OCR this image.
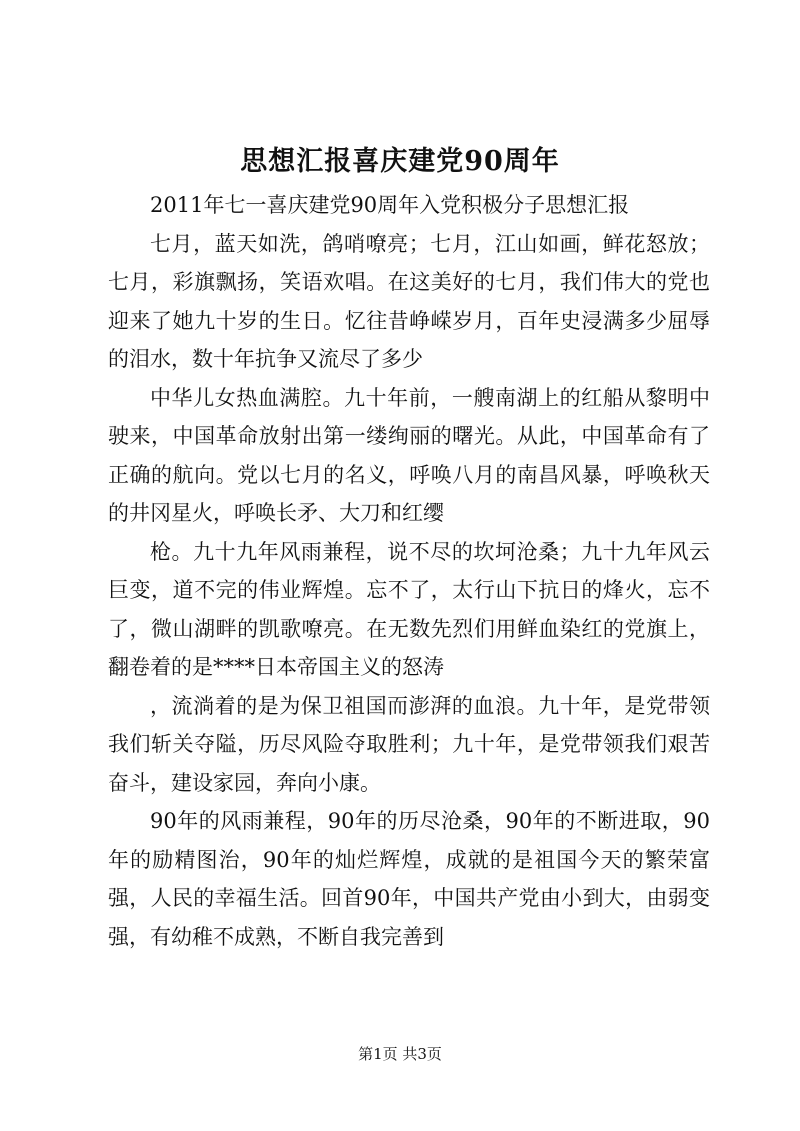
思想汇报喜庆建党90周年

2011年七一喜庆建党90周年入党积极分子思想汇报

七月，蓝天如洗，鸽哨嘹亮；七月，江山如画，鲜花怒放；七月，彩旗飘扬，笑语欢唱。在这美好的七月，我们伟大的党也迎来了她九十岁的生日。忆往昔峥嵘岁月，百年史浸满多少屈辱的泪水，数十年抗争又流尽了多少

中华儿女热血满腔。九十年前，一艘南湖上的红船从黎明中驶来，中国革命放射出第一缕绚丽的曙光。从此，中国革命有了正确的航向。党以七月的名义，呼唤八月的南昌风暴，呼唤秋天的井冈星火，呼唤长矛、大刀和红缨

枪。九十九年风雨兼程，说不尽的坎坷沧桑；九十九年风云巨变，道不完的伟业辉煌。忘不了，太行山下抗日的烽火，忘不了，微山湖畔的凯歌嘹亮。在无数先烈们用鲜血染红的党旗上，翻卷着的是****日本帝国主义的怒涛

，流淌着的是为保卫祖国而澎湃的血浪。九十年，是党带领我们斩关夺隘，历尽风险夺取胜利；九十年，是党带领我们艰苦奋斗，建设家园，奔向小康。

90年的风雨兼程，90年的历尽沧桑，90年的不断进取，90年的励精图治，90年的灿烂辉煌，成就的是祖国今天的繁荣富强，人民的幸福生活。回首90年，中国共产党由小到大，由弱变强，有幼稚不成熟，不断自我完善到

第1页 共3页
